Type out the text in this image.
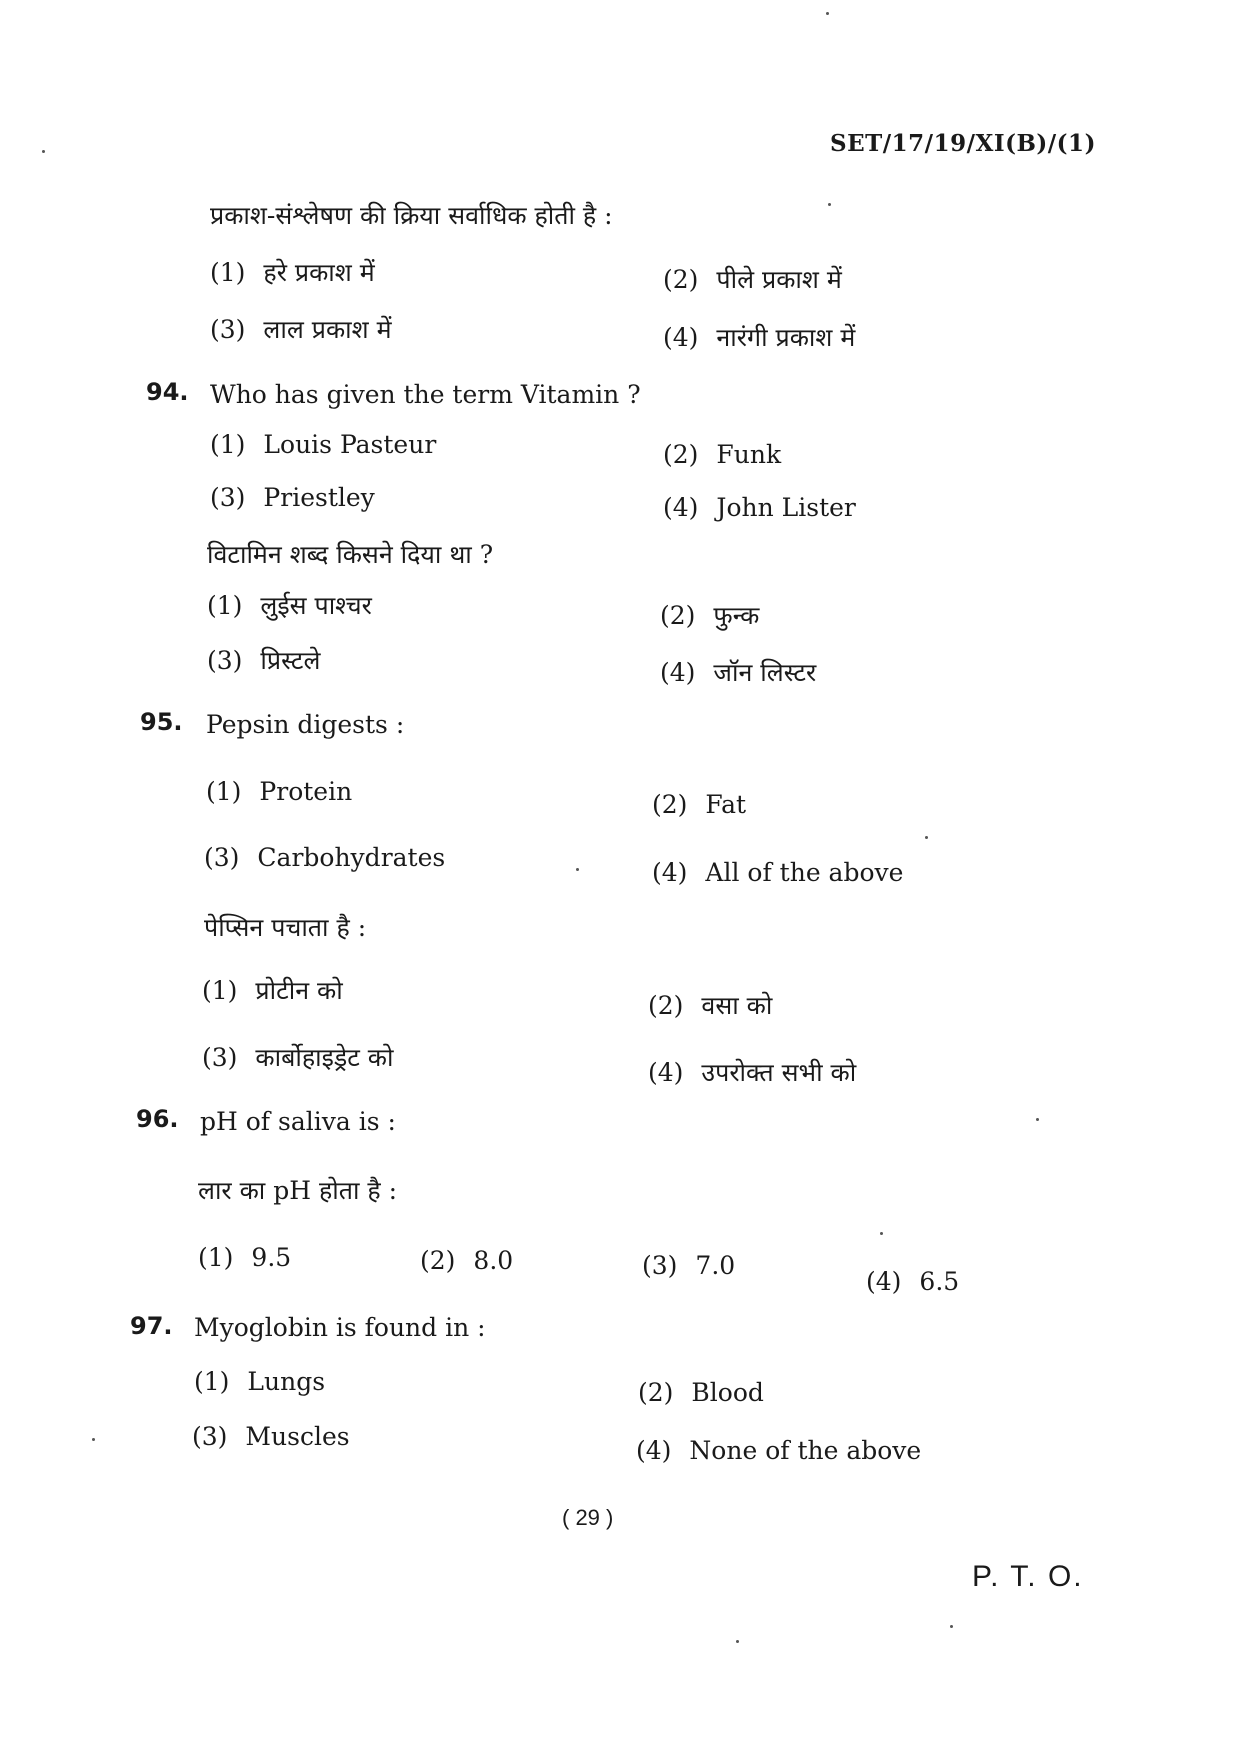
SET/17/19/XI(B)/(1)
प्रकाश-संश्लेषण की क्रिया सर्वाधिक होती है :
(1) हरे प्रकाश में	(2) पीले प्रकाश में
(3) लाल प्रकाश में	(4) नारंगी प्रकाश में
94. Who has given the term Vitamin ?
(1) Louis Pasteur	(2) Funk
(3) Priestley	(4) John Lister
विटामिन शब्द किसने दिया था ?
(1) लुईस पाश्चर	(2) फुन्क
(3) प्रिस्टले	(4) जॉन लिस्टर
95. Pepsin digests :
(1) Protein	(2) Fat
(3) Carbohydrates
(4) All of the above
पेप्सिन पचाता है :
(1) प्रोटीन को
(2) वसा को
(3) कार्बोहाइड्रेट को
(4) उपरोक्त सभी को
96. pH of saliva is :
लार का pH होता है :
(1) 9.5	(2) 8.0	(3) 7.0
(4) 6.5
97. Myoglobin is found in :
(1) Lungs	(2) Blood
(3) Muscles	(4) None of the above
( 29 )
P. T. O.
